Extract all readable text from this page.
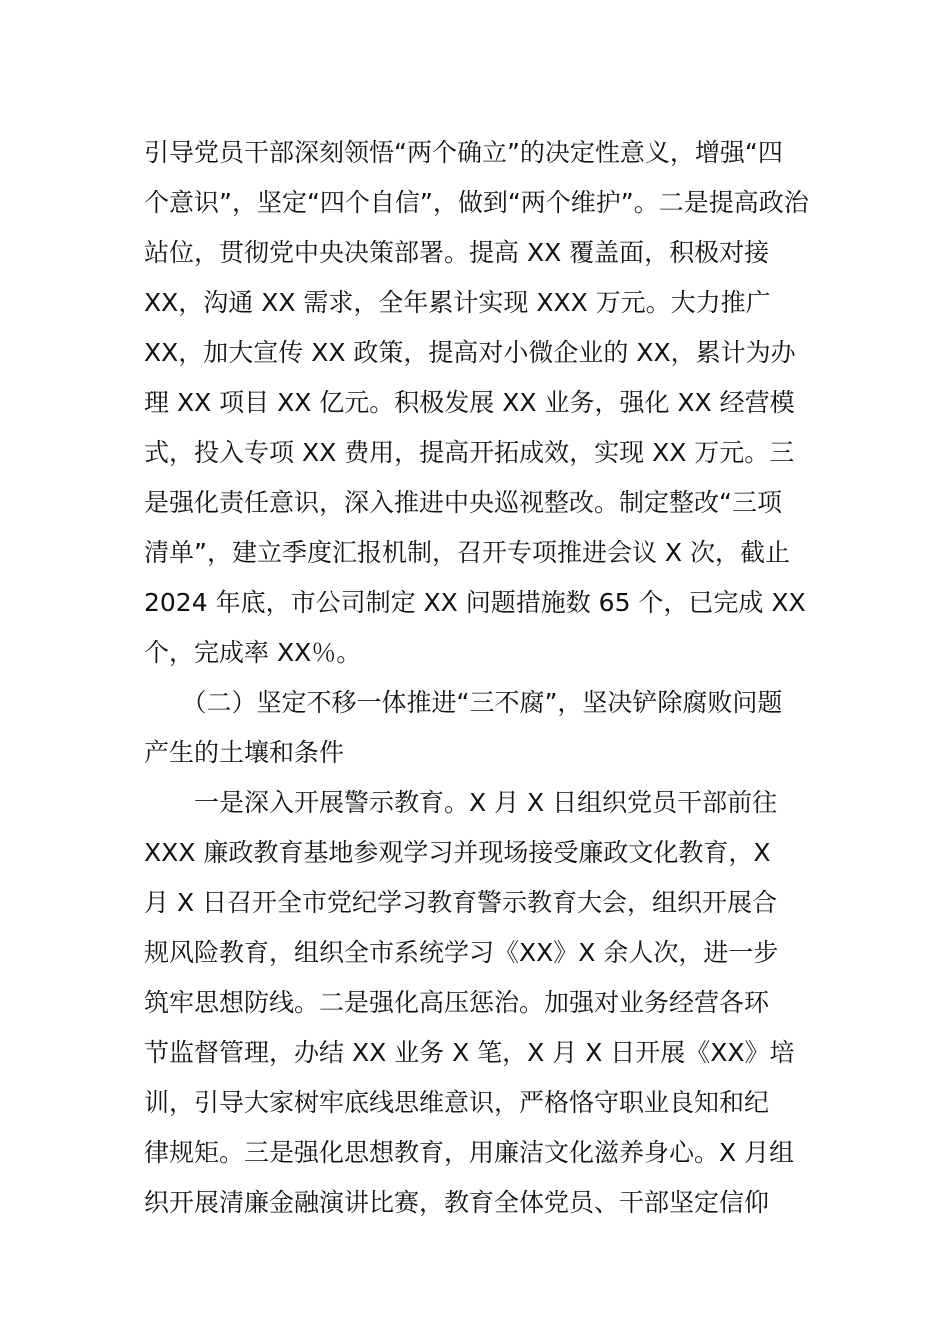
引导党员干部深刻领悟“两个确立”的决定性意义，增强“四
个意识”，坚定“四个自信”，做到“两个维护”。二是提高政治
站位，贯彻党中央决策部署。提高 XX 覆盖面，积极对接
XX，沟通 XX 需求，全年累计实现 XXX 万元。大力推广
XX，加大宣传 XX 政策，提高对小微企业的 XX，累计为办
理 XX 项目 XX 亿元。积极发展 XX 业务，强化 XX 经营模
式，投入专项 XX 费用，提高开拓成效，实现 XX 万元。三
是强化责任意识，深入推进中央巡视整改。制定整改“三项
清单”，建立季度汇报机制，召开专项推进会议 X 次，截止
2024 年底，市公司制定 XX 问题措施数 65 个，已完成 XX
个，完成率 XX％。
　　（二）坚定不移一体推进“三不腐”，坚决铲除腐败问题
产生的土壤和条件
　　一是深入开展警示教育。X 月 X 日组织党员干部前往
XXX 廉政教育基地参观学习并现场接受廉政文化教育，X
月 X 日召开全市党纪学习教育警示教育大会，组织开展合
规风险教育，组织全市系统学习《XX》X 余人次，进一步
筑牢思想防线。二是强化高压惩治。加强对业务经营各环
节监督管理，办结 XX 业务 X 笔，X 月 X 日开展《XX》培
训，引导大家树牢底线思维意识，严格恪守职业良知和纪
律规矩。三是强化思想教育，用廉洁文化滋养身心。X 月组
织开展清廉金融演讲比赛，教育全体党员、干部坚定信仰
